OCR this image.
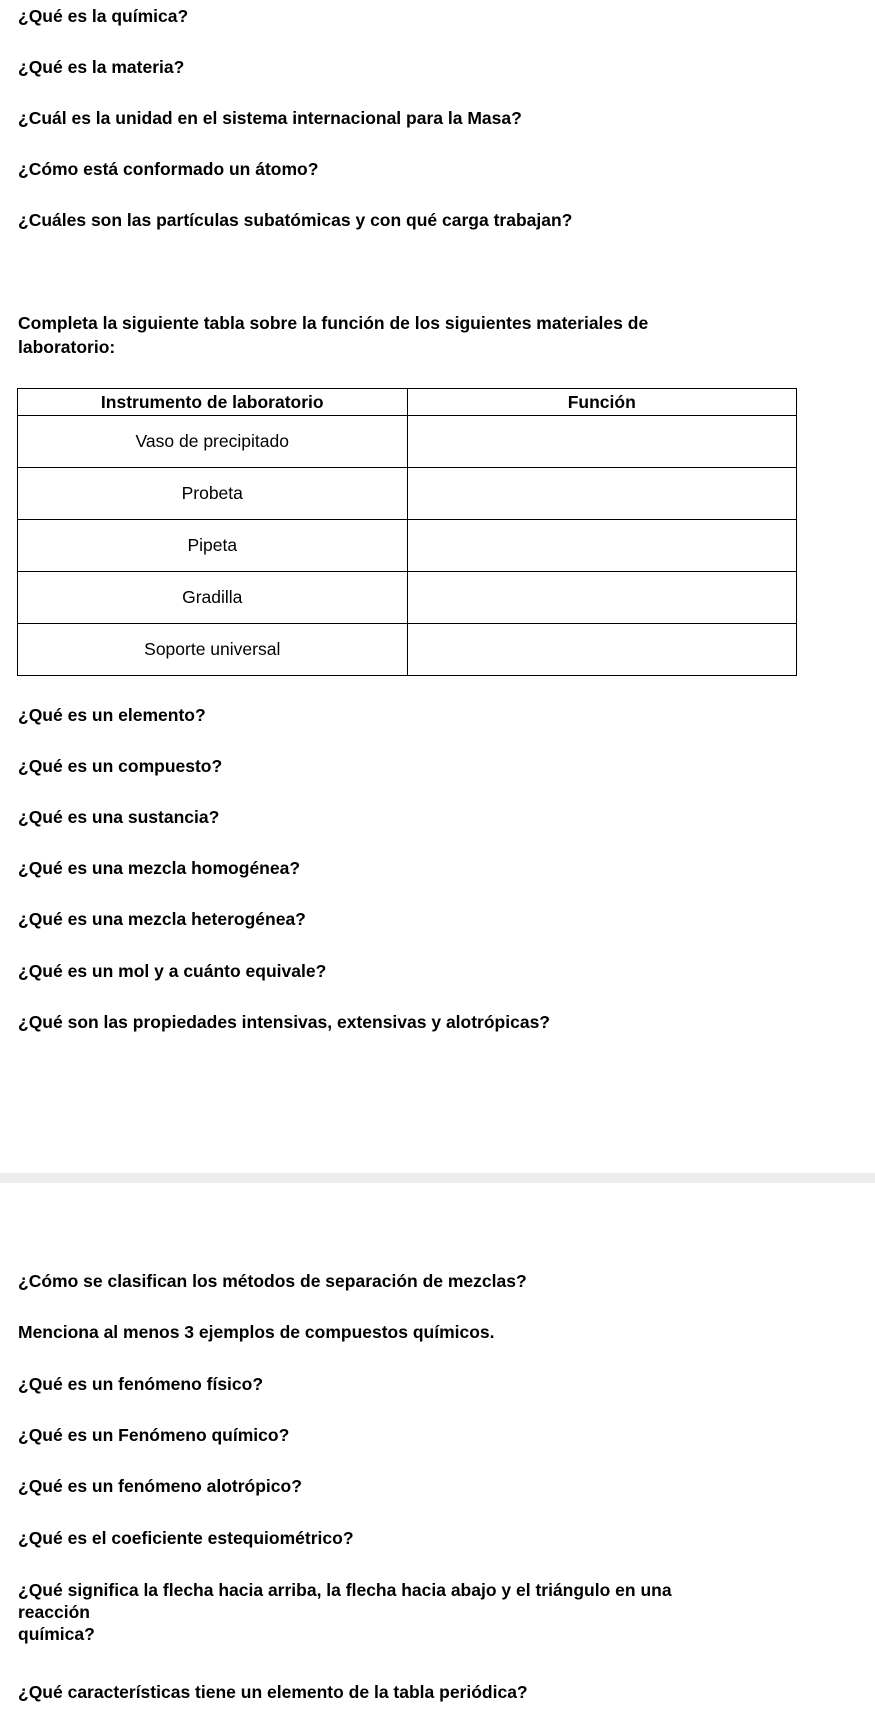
¿Qué es la química?

¿Qué es la materia?

¿Cuál es la unidad en el sistema internacional para la Masa?

¿Cómo está conformado un átomo?

¿Cuáles son las partículas subatómicas y con qué carga trabajan?

Completa la siguiente tabla sobre la función de los siguientes materiales de laboratorio:

Instrumento de laboratorio	Función
Vaso de precipitado	
Probeta	
Pipeta	
Gradilla	
Soporte universal	

¿Qué es un elemento?

¿Qué es un compuesto?

¿Qué es una sustancia?

¿Qué es una mezcla homogénea?

¿Qué es una mezcla heterogénea?

¿Qué es un mol y a cuánto equivale?

¿Qué son las propiedades intensivas, extensivas y alotrópicas?

¿Cómo se clasifican los métodos de separación de mezclas?

Menciona al menos 3 ejemplos de compuestos químicos.

¿Qué es un fenómeno físico?

¿Qué es un Fenómeno químico?

¿Qué es un fenómeno alotrópico?

¿Qué es el coeficiente estequiométrico?

¿Qué significa la flecha hacia arriba, la flecha hacia abajo y el triángulo en una
reacción
química?

¿Qué características tiene un elemento de la tabla periódica?
